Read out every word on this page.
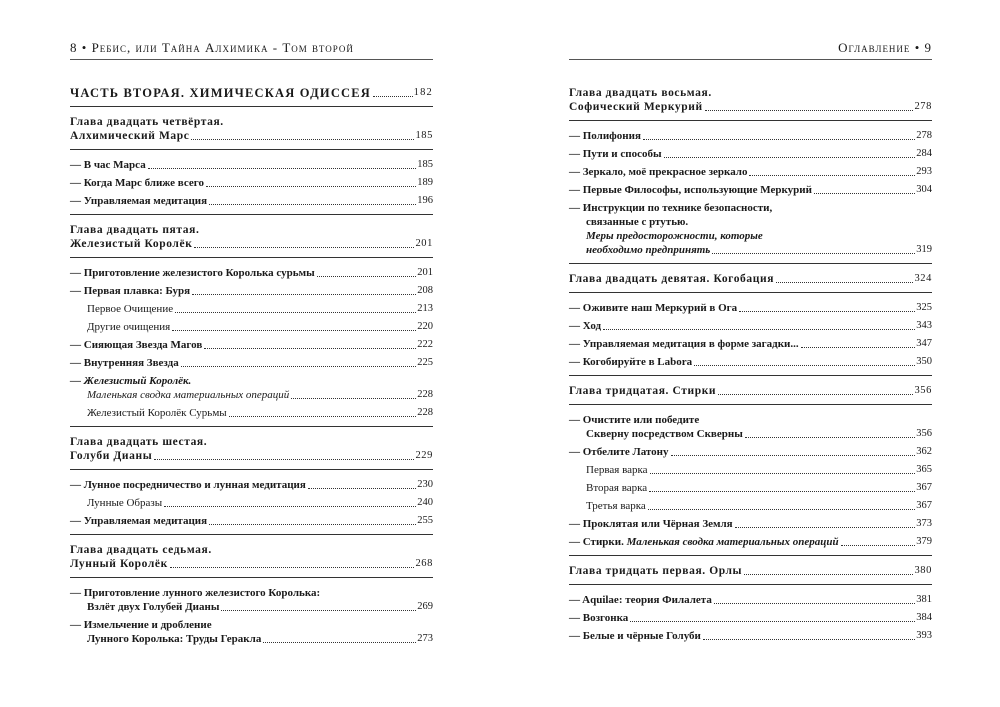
8 • Ребис, или Тайна Алхимика - Том второй
ЧАСТЬ ВТОРАЯ. ХИМИЧЕСКАЯ ОДИССЕЯ	182
Глава двадцать четвёртая.
Алхимический Марс	185
— В час Марса	185
— Когда Марс ближе всего	189
— Управляемая медитация	196
Глава двадцать пятая.
Железистый Королёк	201
— Приготовление железистого Королька сурьмы	201
— Первая плавка: Буря	208
Первое Очищение	213
Другие очищения	220
— Сияющая Звезда Магов	222
— Внутренняя Звезда	225
— Железистый Королёк.
Маленькая сводка материальных операций	228
Железистый Королёк Сурьмы	228
Глава двадцать шестая.
Голуби Дианы	229
— Лунное посредничество и лунная медитация	230
Лунные Образы	240
— Управляемая медитация	255
Глава двадцать седьмая.
Лунный Королёк	268
— Приготовление лунного железистого Королька:
Взлёт двух Голубей Дианы	269
— Измельчение и дробление
Лунного Королька: Труды Геракла	273
Оглавление • 9
Глава двадцать восьмая.
Софический Меркурий	278
— Полифония	278
— Пути и способы	284
— Зеркало, моё прекрасное зеркало	293
— Первые Философы, использующие Меркурий	304
— Инструкции по технике безопасности,
связанные с ртутью.
Меры предосторожности, которые
необходимо предпринять	319
Глава двадцать девятая. Когобация	324
— Оживите наш Меркурий в Ога	325
— Ход	343
— Управляемая медитация в форме загадки...	347
— Когобируйте в Labora	350
Глава тридцатая. Стирки	356
— Очистите или победите
Скверну посредством Скверны	356
— Отбелите Латону	362
Первая варка	365
Вторая варка	367
Третья варка	367
— Проклятая или Чёрная Земля	373
— Стирки. Маленькая сводка материальных операций	379
Глава тридцать первая. Орлы	380
— Aquilae: теория Филалета	381
— Возгонка	384
— Белые и чёрные Голуби	393
